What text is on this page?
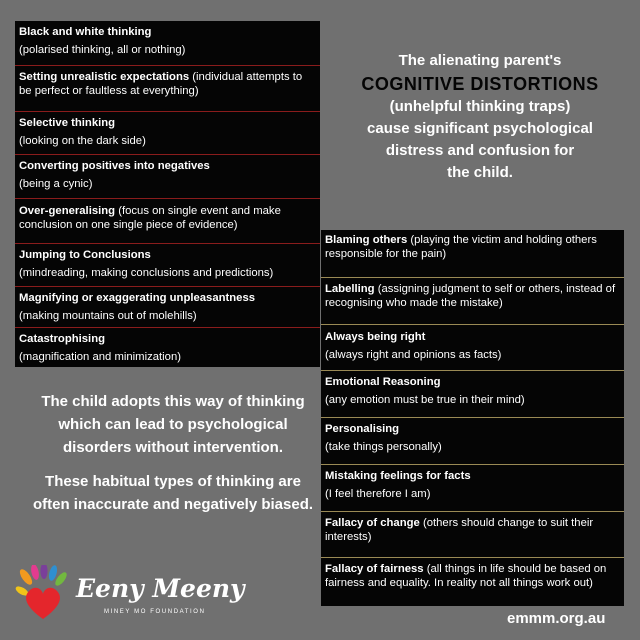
Black and white thinking
(polarised thinking, all or nothing)
Setting unrealistic expectations (individual attempts to be perfect or faultless at everything)
Selective thinking
(looking on the dark side)
Converting positives into negatives
(being a cynic)
Over-generalising (focus on single event and make conclusion on one single piece of evidence)
Jumping to Conclusions
(mindreading, making conclusions and predictions)
Magnifying or exaggerating unpleasantness
(making mountains out of molehills)
Catastrophising
(magnification and minimization)
The alienating parent's
COGNITIVE DISTORTIONS
(unhelpful thinking traps)
cause significant psychological
distress and confusion for
the child.
Blaming others (playing the victim and holding others responsible for the pain)
Labelling (assigning judgment to self or others, instead of recognising who made the mistake)
Always being right
(always right and opinions as facts)
Emotional Reasoning
(any emotion must be true in their mind)
Personalising
(take things personally)
Mistaking feelings for facts
(I feel therefore I am)
Fallacy of change (others should change to suit their interests)
Fallacy of fairness (all things in life should be based on fairness and equality. In reality not all things work out)

The child adopts this way of thinking which can lead to psychological disorders without intervention.

These habitual types of thinking are often inaccurate and negatively biased.

Eeny Meeny
MINEY MO FOUNDATION	emmm.org.au
